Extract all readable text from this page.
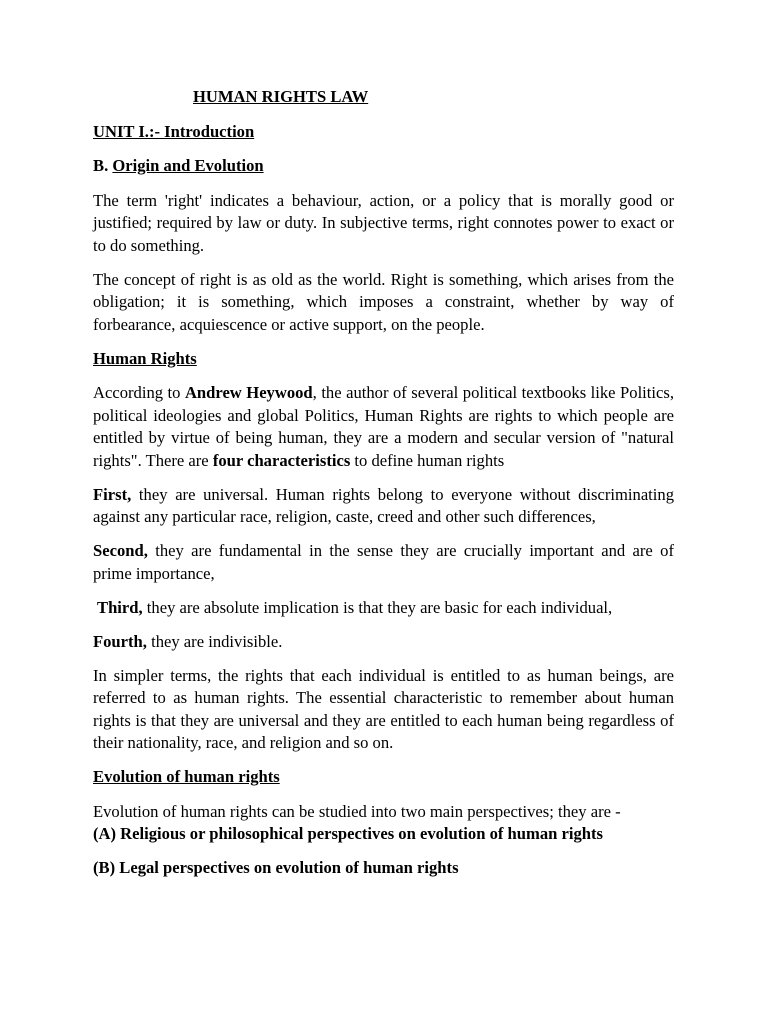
HUMAN RIGHTS LAW
UNIT I.:- Introduction
B. Origin and Evolution

The term 'right' indicates a behaviour, action, or a policy that is morally good or justified; required by law or duty. In subjective terms, right connotes power to exact or to do something.

The concept of right is as old as the world. Right is something, which arises from the obligation; it is something, which imposes a constraint, whether by way of forbearance, acquiescence or active support, on the people.

Human Rights

According to Andrew Heywood, the author of several political textbooks like Politics, political ideologies and global Politics, Human Rights are rights to which people are entitled by virtue of being human, they are a modern and secular version of "natural rights". There are four characteristics to define human rights

First, they are universal. Human rights belong to everyone without discriminating against any particular race, religion, caste, creed and other such differences,

Second, they are fundamental in the sense they are crucially important and are of prime importance,

Third, they are absolute implication is that they are basic for each individual,

Fourth, they are indivisible.

In simpler terms, the rights that each individual is entitled to as human beings, are referred to as human rights. The essential characteristic to remember about human rights is that they are universal and they are entitled to each human being regardless of their nationality, race, and religion and so on.

Evolution of human rights

Evolution of human rights can be studied into two main perspectives; they are -

(A) Religious or philosophical perspectives on evolution of human rights

(B) Legal perspectives on evolution of human rights
